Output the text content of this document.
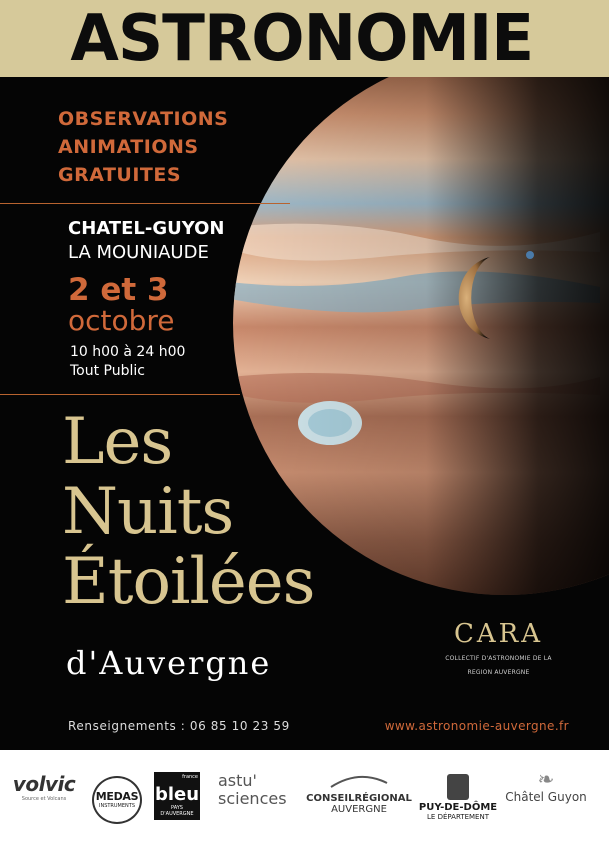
ASTRONOMIE
OBSERVATIONS
ANIMATIONS
GRATUITES
CHATEL-GUYON
LA MOUNIAUDE
2 et 3
octobre
10 h00 à 24 h00
Tout Public
Les
Nuits
Étoilées
d'Auvergne
CARA
COLLECTIF D'ASTRONOMIE DE LA
REGION AUVERGNE
Renseignements : 06 85 10 23 59	www.astronomie-auvergne.fr
volvic
Source et Volcans	MEDAS
INSTRUMENTS
france
bleu
PAYS D'AUVERGNE
astu'
sciences	CONSEILRÉGIONAL
AUVERGNE	PUY-DE-DÔME
LE DÉPARTEMENT
❧
Châtel Guyon
